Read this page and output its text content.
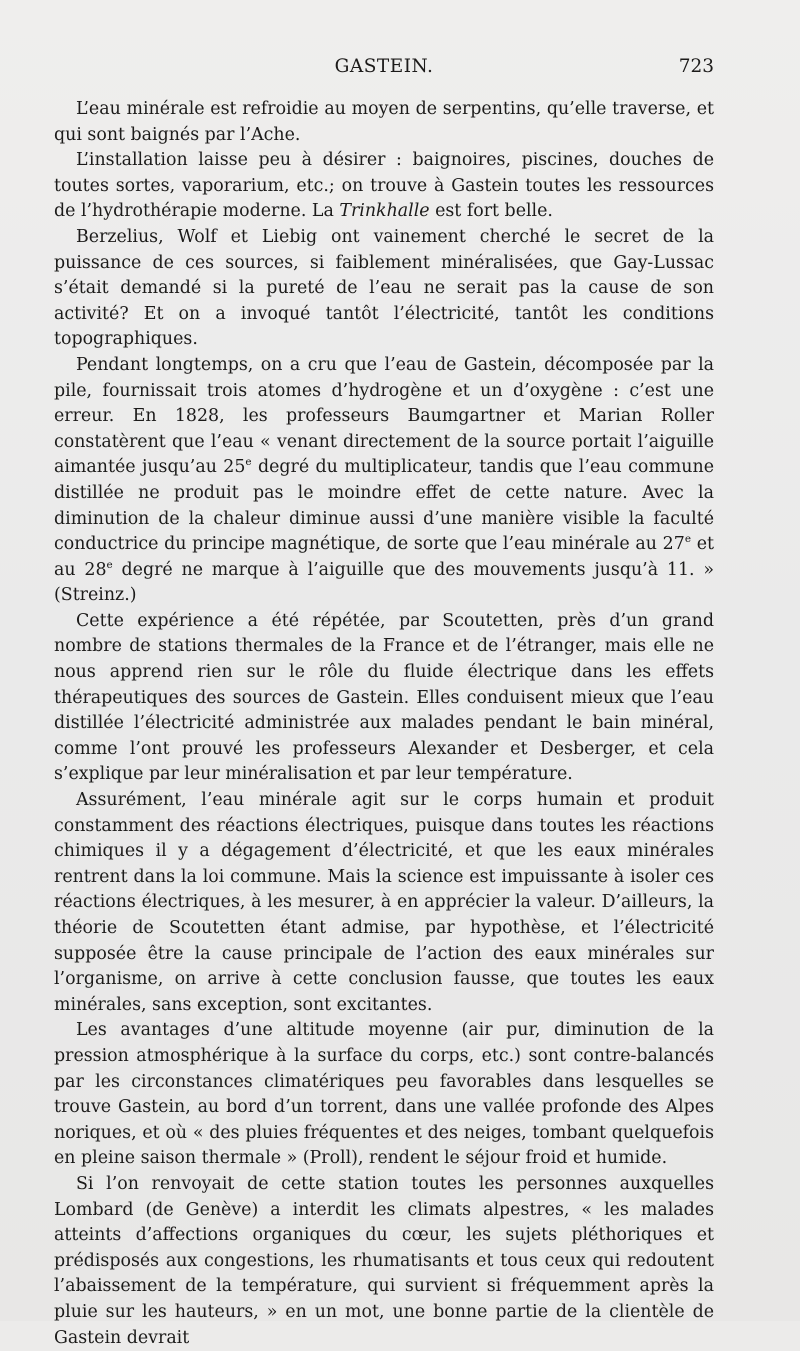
GASTEIN.	723

L’eau minérale est refroidie au moyen de serpentins, qu’elle traverse, et qui sont baignés par l’Ache.

L’installation laisse peu à désirer : baignoires, piscines, douches de toutes sortes, vaporarium, etc.; on trouve à Gastein toutes les ressources de l’hydrothérapie moderne. La Trinkhalle est fort belle.

Berzelius, Wolf et Liebig ont vainement cherché le secret de la puissance de ces sources, si faiblement minéralisées, que Gay-Lussac s’était demandé si la pureté de l’eau ne serait pas la cause de son activité? Et on a invoqué tantôt l’électricité, tantôt les conditions topographiques.

Pendant longtemps, on a cru que l’eau de Gastein, décomposée par la pile, fournissait trois atomes d’hydrogène et un d’oxygène : c’est une erreur. En 1828, les professeurs Baumgartner et Marian Roller constatèrent que l’eau « venant directement de la source portait l’aiguille aimantée jusqu’au 25e degré du multiplicateur, tandis que l’eau commune distillée ne produit pas le moindre effet de cette nature. Avec la diminution de la chaleur diminue aussi d’une manière visible la faculté conductrice du principe magnétique, de sorte que l’eau minérale au 27e et au 28e degré ne marque à l’aiguille que des mouvements jusqu’à 11. » (Streinz.)

Cette expérience a été répétée, par Scoutetten, près d’un grand nombre de stations thermales de la France et de l’étranger, mais elle ne nous apprend rien sur le rôle du fluide électrique dans les effets thérapeutiques des sources de Gastein. Elles conduisent mieux que l’eau distillée l’électricité administrée aux malades pendant le bain minéral, comme l’ont prouvé les professeurs Alexander et Desberger, et cela s’explique par leur minéralisation et par leur température.

Assurément, l’eau minérale agit sur le corps humain et produit constamment des réactions électriques, puisque dans toutes les réactions chimiques il y a dégagement d’électricité, et que les eaux minérales rentrent dans la loi commune. Mais la science est impuissante à isoler ces réactions électriques, à les mesurer, à en apprécier la valeur. D’ailleurs, la théorie de Scoutetten étant admise, par hypothèse, et l’électricité supposée être la cause principale de l’action des eaux minérales sur l’organisme, on arrive à cette conclusion fausse, que toutes les eaux minérales, sans exception, sont excitantes.

Les avantages d’une altitude moyenne (air pur, diminution de la pression atmosphérique à la surface du corps, etc.) sont contre-balancés par les circonstances climatériques peu favorables dans lesquelles se trouve Gastein, au bord d’un torrent, dans une vallée profonde des Alpes noriques, et où « des pluies fréquentes et des neiges, tombant quelquefois en pleine saison thermale » (Proll), rendent le séjour froid et humide.

Si l’on renvoyait de cette station toutes les personnes auxquelles Lombard (de Genève) a interdit les climats alpestres, « les malades atteints d’affections organiques du cœur, les sujets pléthoriques et prédisposés aux congestions, les rhumatisants et tous ceux qui redoutent l’abaissement de la température, qui survient si fréquemment après la pluie sur les hauteurs, » en un mot, une bonne partie de la clientèle de Gastein devrait
